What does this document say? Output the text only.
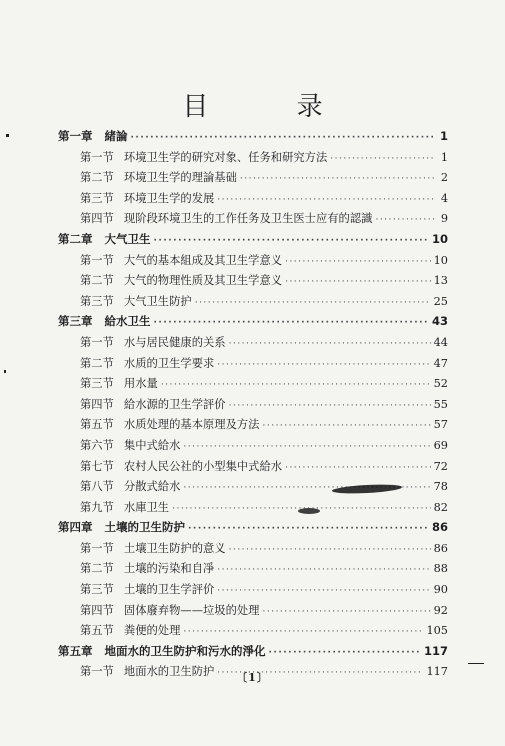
目 录
第一章 緒論 ·····	1
第一节 环境卫生学的研究对象、任务和研究方法 ·····	1
第二节 环境卫生学的理論基础 ·····	2
第三节 环境卫生学的发展 ·····	4
第四节 现阶段环境卫生的工作任务及卫生医士应有的認識 ·····	9
第二章 大气卫生 ·····	10
第一节 大气的基本組成及其卫生学意义 ·····	10
第二节 大气的物理性质及其卫生学意义 ·····	13
第三节 大气卫生防护 ·····	25
第三章 給水卫生 ·····	43
第一节 水与居民健康的关系 ·····	44
第二节 水质的卫生学要求 ·····	47
第三节 用水量 ·····	52
第四节 給水源的卫生学評价 ·····	55
第五节 水质处理的基本原理及方法 ·····	57
第六节 集中式給水 ·····	69
第七节 农村人民公社的小型集中式給水 ·····	72
第八节 分散式給水 ·····	78
第九节 水庫卫生 ·····	82
第四章 土壤的卫生防护 ·····	86
第一节 土壤卫生防护的意义 ·····	86
第二节 土壤的污染和自凈 ·····	88
第三节 土壤的卫生学評价 ·····	90
第四节 固体廢弃物——垃圾的处理 ·····	92
第五节 粪便的处理 ·····	105
第五章 地面水的卫生防护和污水的淨化 ·····	117
第一节 地面水的卫生防护 ·····	117
〔1〕
